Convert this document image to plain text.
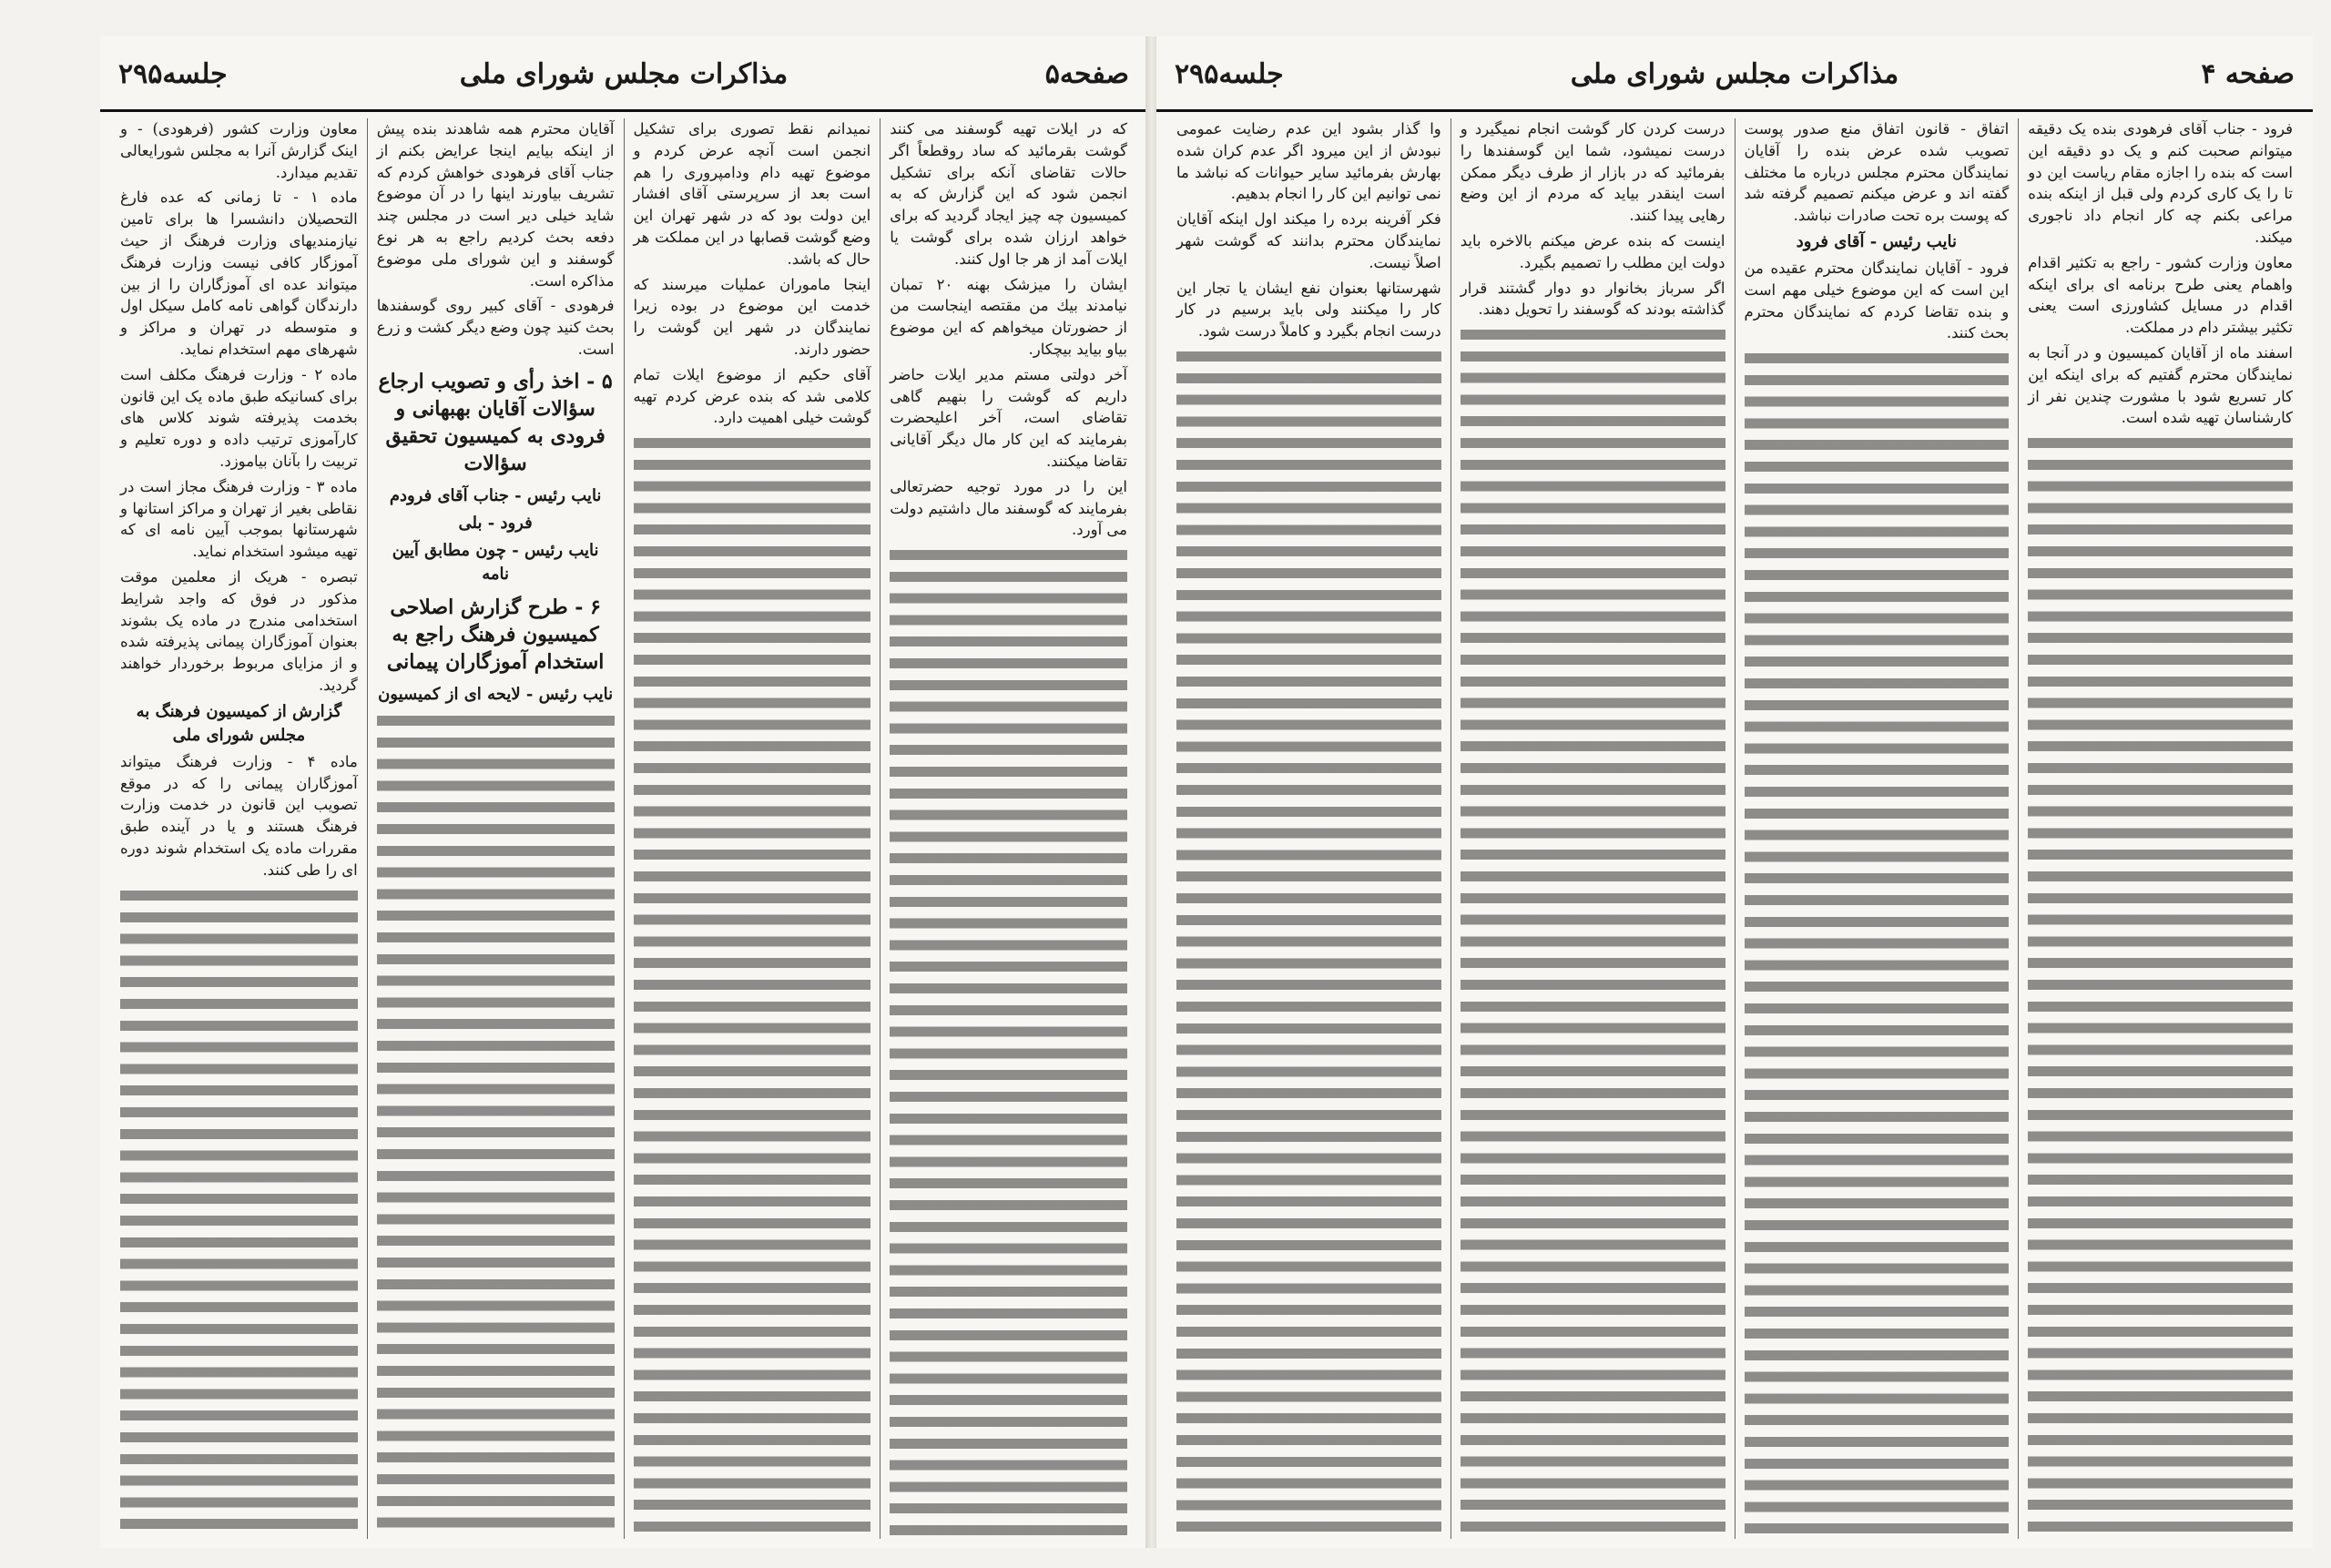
جلسه۲۹۵	مذاکرات مجلس شورای ملی	صفحه۵

که در ایلات تهیه گوسفند می کنند گوشت بقرمائید که ساد روقطعاً اگر حالات تقاضای آنکه برای تشکیل انجمن شود که این گزارش که به کمیسیون چه چیز ایجاد گردید که برای خواهد ارزان شده برای گوشت یا ایلات آمد از هر جا اول کنند.

ایشان را میزشک بهنه ۲۰ تمبان نیامدند بیك من مقتصه اینجاست من از حضورتان میخواهم که این موضوع بیاو بیاید بیچکار.

آخر دولتی مستم مدیر ایلات حاضر داریم که گوشت را بنهیم گاهی تقاضای است، آخر اعلیحضرت بفرمایند که این کار مال دیگر آقایانی تقاضا میکنند.

این را در مورد توجیه حضرتعالی بفرمایند که گوسفند مال داشتیم دولت می آورد.

نمیدانم نقط تصوری برای تشکیل انجمن است آنچه عرض کردم و موضوع تهیه دام ودامپروری را هم است بعد از سرپرستی آقای افشار این دولت بود که در شهر تهران این وضع گوشت قصابها در این مملکت هر حال که باشد.

اینجا ماموران عملیات میرسند که خدمت این موضوع در بوده زیرا نمایندگان در شهر این گوشت را حضور دارند.

آقای حکیم از موضوع ایلات تمام کلامی شد که بنده عرض کردم تهیه گوشت خیلی اهمیت دارد.

آقایان محترم همه شاهدند بنده پیش از اینکه بیایم اینجا عرایض بکنم از جناب آقای فرهودی خواهش کردم که تشریف بیاورند اینها را در آن موضوع شاید خیلی دیر است در مجلس چند دفعه بحث کردیم راجع به هر نوع گوسفند و این شورای ملی موضوع مذاکره است.

فرهودی - آقای کبیر روی گوسفندها بحث کنید چون وضع دیگر کشت و زرع است.

۵ - اخذ رأی و تصویب ارجاع سؤالات آقایان بهبهانی و فرودی به کمیسیون تحقیق سؤالات
نایب رئیس - جناب آقای فرودم
فرود - بلی
نایب رئیس - چون مطابق آیین نامه
۶ - طرح گزارش اصلاحی کمیسیون فرهنگ راجع به استخدام آموزگاران پیمانی
نایب رئیس - لایحه ای از کمیسیون

معاون وزارت کشور (فرهودی) - و اینک گزارش آنرا به مجلس شورایعالی تقدیم میدارد.

ماده ۱ - تا زمانی که عده فارغ التحصیلان دانشسرا ها برای تامین نیازمندیهای وزارت فرهنگ از حیث آموزگار کافی نیست وزارت فرهنگ میتواند عده ای آموزگاران را از بین دارندگان گواهی نامه کامل سیکل اول و متوسطه در تهران و مراکز و شهرهای مهم استخدام نماید.

ماده ۲ - وزارت فرهنگ مکلف است برای کسانیکه طبق ماده یک این قانون بخدمت پذیرفته شوند کلاس های کارآموزی ترتیب داده و دوره تعلیم و تربیت را بآنان بیاموزد.

ماده ۳ - وزارت فرهنگ مجاز است در نقاطی بغیر از تهران و مراکز استانها و شهرستانها بموجب آیین نامه ای که تهیه میشود استخدام نماید.

تبصره - هریک از معلمین موقت مذکور در فوق که واجد شرایط استخدامی مندرج در ماده یک بشوند بعنوان آموزگاران پیمانی پذیرفته شده و از مزایای مربوط برخوردار خواهند گردید.

گزارش از کمیسیون فرهنگ به مجلس شورای ملی

ماده ۴ - وزارت فرهنگ میتواند آموزگاران پیمانی را که در موقع تصویب این قانون در خدمت وزارت فرهنگ هستند و یا در آینده طبق مقررات ماده یک استخدام شوند دوره ای را طی کنند.

جلسه۲۹۵	مذاکرات مجلس شورای ملی	صفحه ۴

فرود - جناب آقای فرهودی بنده یک دقیقه میتوانم صحبت کنم و یک دو دقیقه این است که بنده را اجازه مقام ریاست این دو تا را یک کاری کردم ولی قبل از اینکه بنده مراعی بکنم چه کار انجام داد ناجوری میکند.

معاون وزارت کشور - راجع به تکثیر اقدام واهمام یعنی طرح برنامه ای برای اینکه اقدام در مسایل کشاورزی است یعنی تکثیر بیشتر دام در مملکت.

اسفند ماه از آقایان کمیسیون و در آنجا به نمایندگان محترم گفتیم که برای اینکه این کار تسریع شود با مشورت چندین نفر از کارشناسان تهیه شده است.

اتفاق - قانون اتفاق منع صدور پوست تصویب شده عرض بنده را آقایان نمایندگان محترم مجلس درباره ما مختلف گفته اند و عرض میکنم تصمیم گرفته شد که پوست بره تحت صادرات نباشد.

نایب رئیس - آقای فرود

فرود - آقایان نمایندگان محترم عقیده من این است که این موضوع خیلی مهم است و بنده تقاضا کردم که نمایندگان محترم بحث کنند.

درست کردن کار گوشت انجام نمیگیرد و درست نمیشود، شما این گوسفندها را بفرمائید که در بازار از طرف دیگر ممکن است اینقدر بیاید که مردم از این وضع رهایی پیدا کنند.

اینست که بنده عرض میکنم بالاخره باید دولت این مطلب را تصمیم بگیرد.

اگر سرباز بخانوار دو دوار گشتند قرار گذاشته بودند که گوسفند را تحویل دهند.

وا گذار بشود این عدم رضایت عمومی نبودش از این میرود اگر عدم کران شده بهارش بفرمائید سایر حیوانات که نباشد ما نمی توانیم این کار را انجام بدهیم.

فکر آفرینه برده را میکند اول اینکه آقایان نمایندگان محترم بدانند که گوشت شهر اصلاً نیست.

شهرستانها بعنوان نفع ایشان یا تجار این کار را میکنند ولی باید برسیم در کار درست انجام بگیرد و کاملاً درست شود.
